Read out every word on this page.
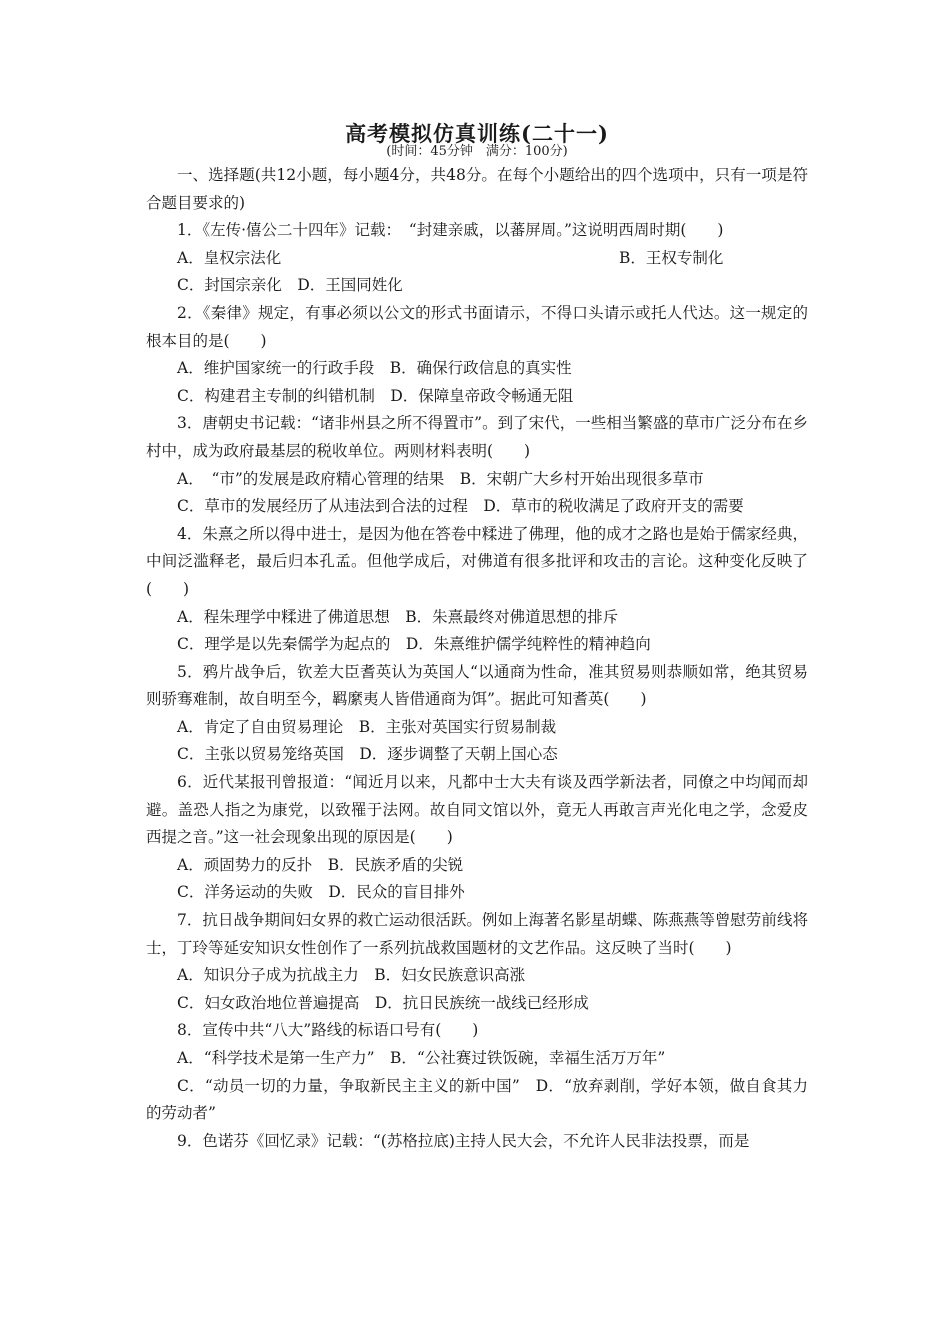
高考模拟仿真训练(二十一)
(时间：45分钟　满分：100分)

一、选择题(共12小题，每小题4分，共48分。在每个小题给出的四个选项中，只有一项是符合题目要求的)

1．《左传·僖公二十四年》记载：　“封建亲戚，以蕃屏周。”这说明西周时期(　　)

A．皇权宗法化	B．王权专制化

C．封国宗亲化　D．王国同姓化

2．《秦律》规定，有事必须以公文的形式书面请示，不得口头请示或托人代达。这一规定的根本目的是(　　)

A．维护国家统一的行政手段　B．确保行政信息的真实性

C．构建君主专制的纠错机制　D．保障皇帝政令畅通无阻

3．唐朝史书记载：“诸非州县之所不得置市”。到了宋代，一些相当繁盛的草市广泛分布在乡村中，成为政府最基层的税收单位。两则材料表明(　　)

A．　“市”的发展是政府精心管理的结果　B．宋朝广大乡村开始出现很多草市

C．草市的发展经历了从违法到合法的过程　D．草市的税收满足了政府开支的需要

4．朱熹之所以得中进士，是因为他在答卷中糅进了佛理，他的成才之路也是始于儒家经典，中间泛滥释老，最后归本孔孟。但他学成后，对佛道有很多批评和攻击的言论。这种变化反映了(　　)

A．程朱理学中糅进了佛道思想　B．朱熹最终对佛道思想的排斥

C．理学是以先秦儒学为起点的　D．朱熹维护儒学纯粹性的精神趋向

5．鸦片战争后，钦差大臣耆英认为英国人“以通商为性命，准其贸易则恭顺如常，绝其贸易则骄骞难制，故自明至今，羁縻夷人皆借通商为饵”。据此可知耆英(　　)

A．肯定了自由贸易理论　B．主张对英国实行贸易制裁

C．主张以贸易笼络英国　D．逐步调整了天朝上国心态

6．近代某报刊曾报道：“闻近月以来，凡都中士大夫有谈及西学新法者，同僚之中均闻而却避。盖恐人指之为康党，以致罹于法网。故自同文馆以外，竟无人再敢言声光化电之学，念爱皮西提之音。”这一社会现象出现的原因是(　　)

A．顽固势力的反扑　B．民族矛盾的尖锐

C．洋务运动的失败　D．民众的盲目排外

7．抗日战争期间妇女界的救亡运动很活跃。例如上海著名影星胡蝶、陈燕燕等曾慰劳前线将士，丁玲等延安知识女性创作了一系列抗战救国题材的文艺作品。这反映了当时(　　)

A．知识分子成为抗战主力　B．妇女民族意识高涨

C．妇女政治地位普遍提高　D．抗日民族统一战线已经形成

8．宣传中共“八大”路线的标语口号有(　　)

A．“科学技术是第一生产力”　B．“公社赛过铁饭碗，幸福生活万万年”

C．“动员一切的力量，争取新民主主义的新中国”　D．“放弃剥削，学好本领，做自食其力的劳动者”

9．色诺芬《回忆录》记载：“(苏格拉底)主持人民大会，不允许人民非法投票，而是
